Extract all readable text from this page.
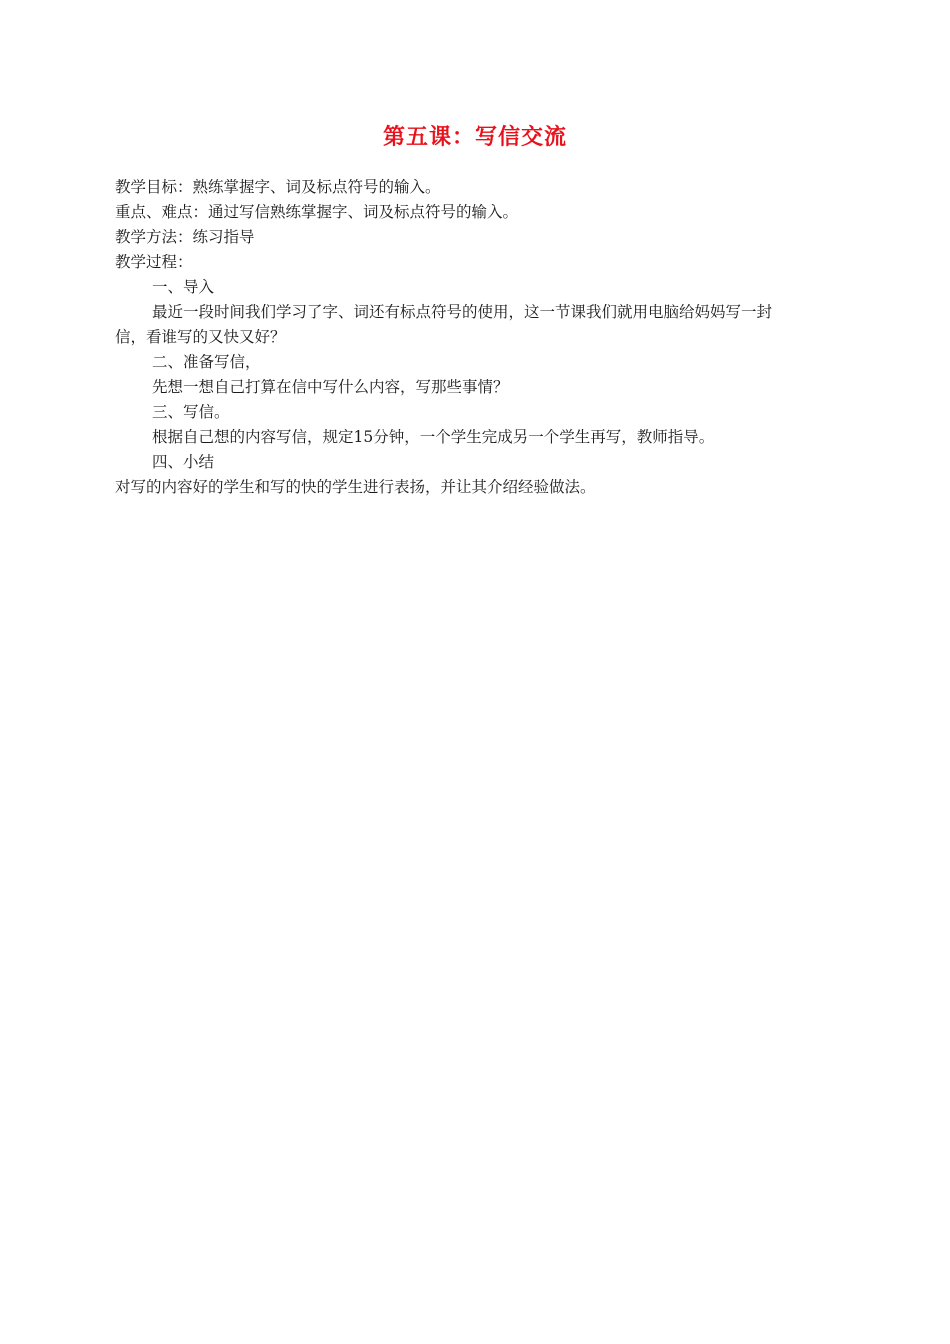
第五课：写信交流
教学目标：熟练掌握字、词及标点符号的输入。
重点、难点：通过写信熟练掌握字、词及标点符号的输入。
教学方法：练习指导
教学过程：
一、导入
最近一段时间我们学习了字、词还有标点符号的使用，这一节课我们就用电脑给妈妈写一封
信，看谁写的又快又好？
二、准备写信，
先想一想自己打算在信中写什么内容，写那些事情？
三、写信。
根据自己想的内容写信，规定15分钟，一个学生完成另一个学生再写，教师指导。
四、小结
对写的内容好的学生和写的快的学生进行表扬，并让其介绍经验做法。
